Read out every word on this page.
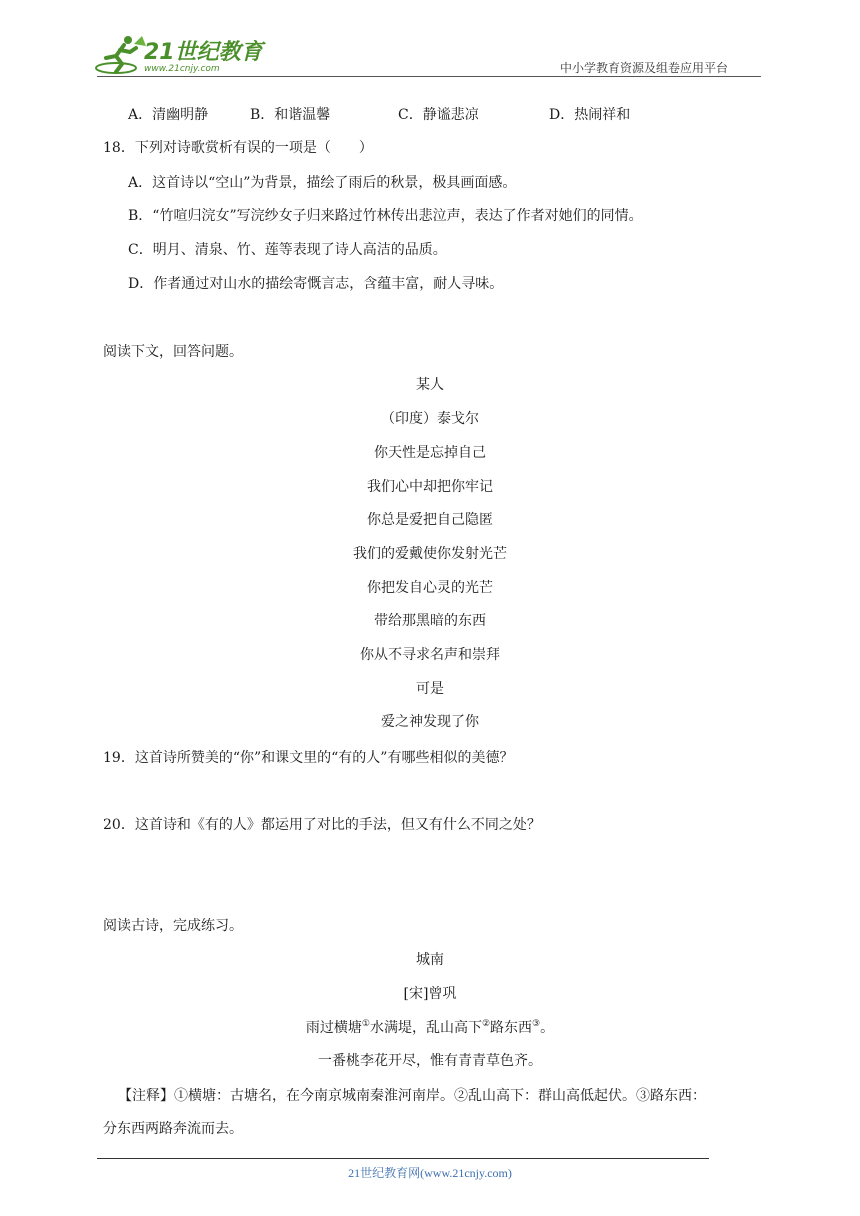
21世纪教育
www.21cnjy.com	中小学教育资源及组卷应用平台
A．清幽明静	B．和谐温馨	C．静谧悲凉	D．热闹祥和
18．下列对诗歌赏析有误的一项是（　　）
A．这首诗以“空山”为背景，描绘了雨后的秋景，极具画面感。
B．“竹喧归浣女”写浣纱女子归来路过竹林传出悲泣声，表达了作者对她们的同情。
C．明月、清泉、竹、莲等表现了诗人高洁的品质。
D．作者通过对山水的描绘寄慨言志，含蕴丰富，耐人寻味。
阅读下文，回答问题。
某人
（印度）泰戈尔
你天性是忘掉自己
我们心中却把你牢记
你总是爱把自己隐匿
我们的爱戴使你发射光芒
你把发自心灵的光芒
带给那黑暗的东西
你从不寻求名声和崇拜
可是
爱之神发现了你
19．这首诗所赞美的“你”和课文里的“有的人”有哪些相似的美德？
20．这首诗和《有的人》都运用了对比的手法，但又有什么不同之处？
阅读古诗，完成练习。
城南
[宋]曾巩
雨过横塘①水满堤，乱山高下②路东西③。
一番桃李花开尽，惟有青青草色齐。
【注释】①横塘：古塘名，在今南京城南秦淮河南岸。②乱山高下：群山高低起伏。③路东西：
分东西两路奔流而去。
21世纪教育网(www.21cnjy.com)
